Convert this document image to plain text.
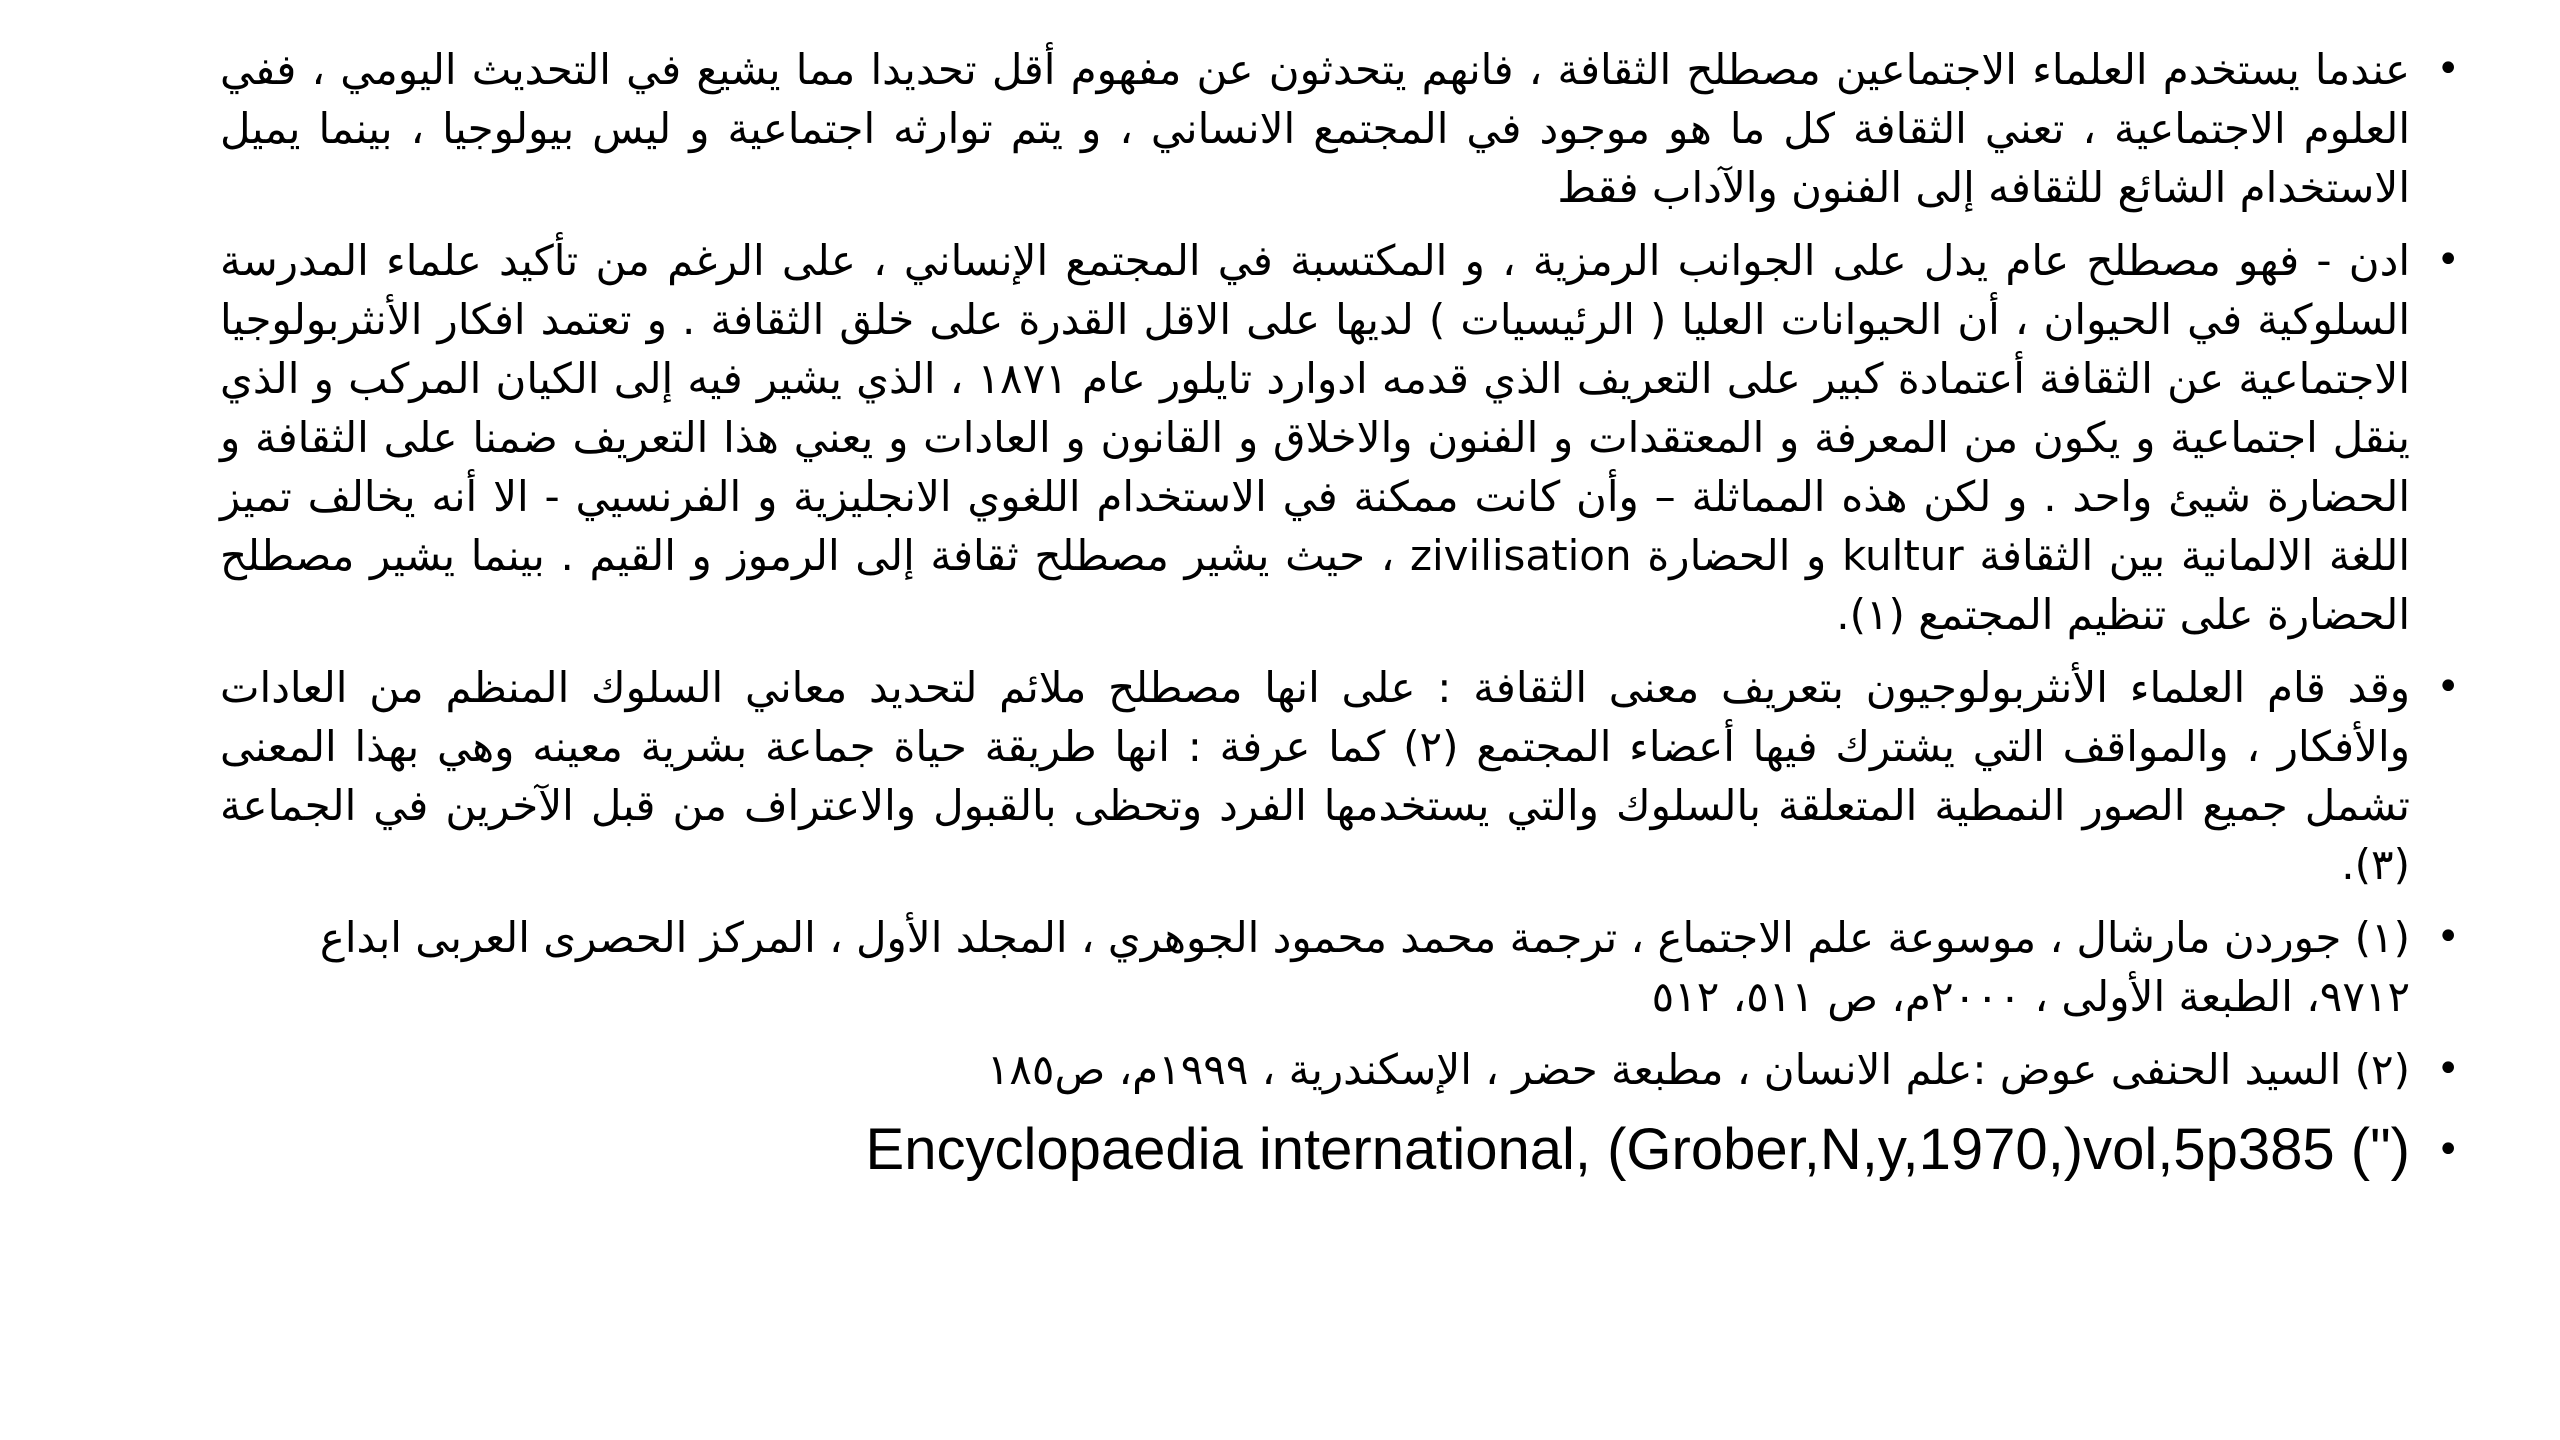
•
عندما يستخدم العلماء الاجتماعين مصطلح الثقافة ، فانهم يتحدثون عن مفهوم أقل تحديدا مما يشيع في التحديث اليومي ، ففي العلوم الاجتماعية ، تعني الثقافة كل ما هو موجود في المجتمع الانساني ، و يتم توارثه اجتماعية و ليس بيولوجيا ، بينما يميل الاستخدام الشائع للثقافه إلى الفنون والآداب فقط
•
ادن - فهو مصطلح عام يدل على الجوانب الرمزية ، و المكتسبة في المجتمع الإنساني ، على الرغم من تأكيد علماء المدرسة السلوكية في الحيوان ، أن الحيوانات العليا ( الرئيسيات ) لديها على الاقل القدرة على خلق الثقافة . و تعتمد افكار الأنثربولوجيا الاجتماعية عن الثقافة أعتمادة كبير على التعريف الذي قدمه ادوارد تايلور عام ١٨٧١ ، الذي يشير فيه إلى الكيان المركب و الذي ينقل اجتماعية و يكون من المعرفة و المعتقدات و الفنون والاخلاق و القانون و العادات و يعني هذا التعريف ضمنا على الثقافة و الحضارة شيئ واحد . و لكن هذه المماثلة – وأن كانت ممكنة في الاستخدام اللغوي الانجليزية و الفرنسيي - الا أنه يخالف تميز اللغة الالمانية بين الثقافة kultur و الحضارة zivilisation ، حيث يشير مصطلح ثقافة إلى الرموز و القيم . بينما يشير مصطلح الحضارة على تنظيم المجتمع (١).
•
وقد قام العلماء الأنثربولوجيون بتعريف معنى الثقافة : على انها مصطلح ملائم لتحديد معاني السلوك المنظم من العادات والأفكار ، والمواقف التي يشترك فيها أعضاء المجتمع (٢) كما عرفة : انها طريقة حياة جماعة بشرية معينه وهي بهذا المعنى تشمل جميع الصور النمطية المتعلقة بالسلوك والتي يستخدمها الفرد وتحظى بالقبول والاعتراف من قبل الآخرين في الجماعة (٣).
•
(١) جوردن مارشال ، موسوعة علم الاجتماع ، ترجمة محمد محمود الجوهري ، المجلد الأول ، المركز الحصرى العربى ابداع ٩٧١٢، الطبعة الأولى ، ٢٠٠٠م، ص ٥١١، ٥١٢
•
(٢) السيد الحنفى عوض :علم الانسان ، مطبعة حضر ، الإسكندرية ، ١٩٩٩م، ص١٨٥
•
Encyclopaedia international, (Grober,N,y,1970,)vol,5p385 (")
